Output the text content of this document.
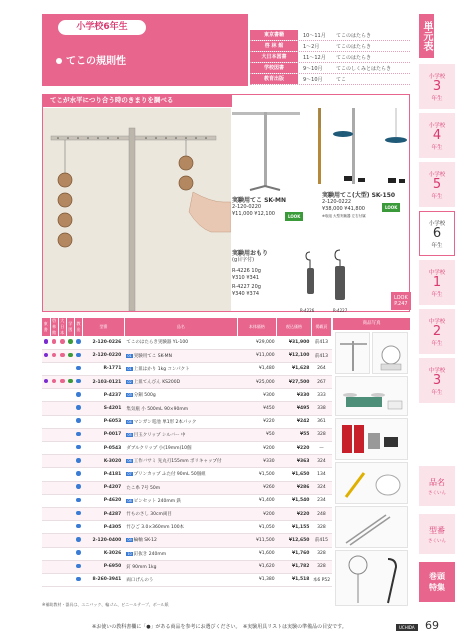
小学校6年生
てこの規則性
東京書籍	10〜11月	てこのはたらき
啓 林 館	1〜2月	てこのはたらき
大日本図書	11〜12月	てこのはたらき
学校図書	9〜10月	てこのしくみとはたらき
教育出版	9〜10月	てこ
単元表
小学校
3
年生
小学校
4
年生
小学校
5
年生
小学校
6
年生
中学校
1
年生
中学校
2
年生
中学校
3
年生
品名
さくいん
型番
さくいん
巻頭
特集
てこが水平につり合う時のきまりを調べる
実験用てこ SK-MN
2-120-0220
¥11,000 ¥12,100	LOOK
実験用てこ(大型) SK-150
2-120-0222
¥38,000 ¥41,800
※取組 大型実験器 左右付属
LOOK
実験用おもり
(g目字付)
R-4226 10g
¥310 ¥341
R-4227 20g
¥340 ¥374
R-4226	R-4227
LOOK
P.247
東書	啓林館	大日本	学図	教出	型番	品名	本体価格	税込価格	掲載頁
					2-120-0226	てこのはたらき実験器 YL-100	¥29,000	¥31,900	前413
					2-120-0220	01 実験用てこ SK-MN	¥11,000	¥12,100	前413
					R-1771	01 上皿はかり 1kg コンパクト	¥1,480	¥1,628	264
					2-103-0121	02 上皿てんびん KS200D	¥25,000	¥27,500	267
					P-4237	03 分銅 500g	¥300	¥330	333
					S-4201	集気瓶 小 500mL 90×90mm	¥450	¥495	338
					P-6053	04 マンガン電池 単1形 2本パック	¥220	¥242	361
					P-0017	05 目玉クリップ シルバー 中	¥50	¥55	328
					P-0543	ダブルクリップ 小(19mm)10個	¥200	¥220	—
					K-3020	06 工作バサミ 先丸刃155mm ポリキャップ付	¥330	¥363	324
					P-4181	07 プリンカップ ふた付 90mL 50個組	¥1,500	¥1,650	134
					P-4207	たこ糸 7号 50m	¥260	¥286	324
					P-4620	08 ピンセット 240mm 鉄	¥1,400	¥1,540	234
					P-4287	竹ものさし 30cm両目	¥200	¥220	248
					P-4305	竹ひご 3.0×360mm 100本	¥1,050	¥1,155	328
					2-120-0400	09 輪軸 SK-12	¥11,500	¥12,650	前415
					K-3026	10 釘抜き 240mm	¥1,600	¥1,760	328
					P-6950	釘 90mm 1kg	¥1,620	¥1,782	328
					8-260-3941	両口げんのう	¥1,380	¥1,518	本6 P52
商品写真
※補助教材・器具は、ユニバック、輪ゴム、ビニールテープ、ボール紙
※お使いの教科書欄に「●」がある商品を参考にお選びください。　※実験用具リストは実験の準備品の目安です。	UCHIDA 69
